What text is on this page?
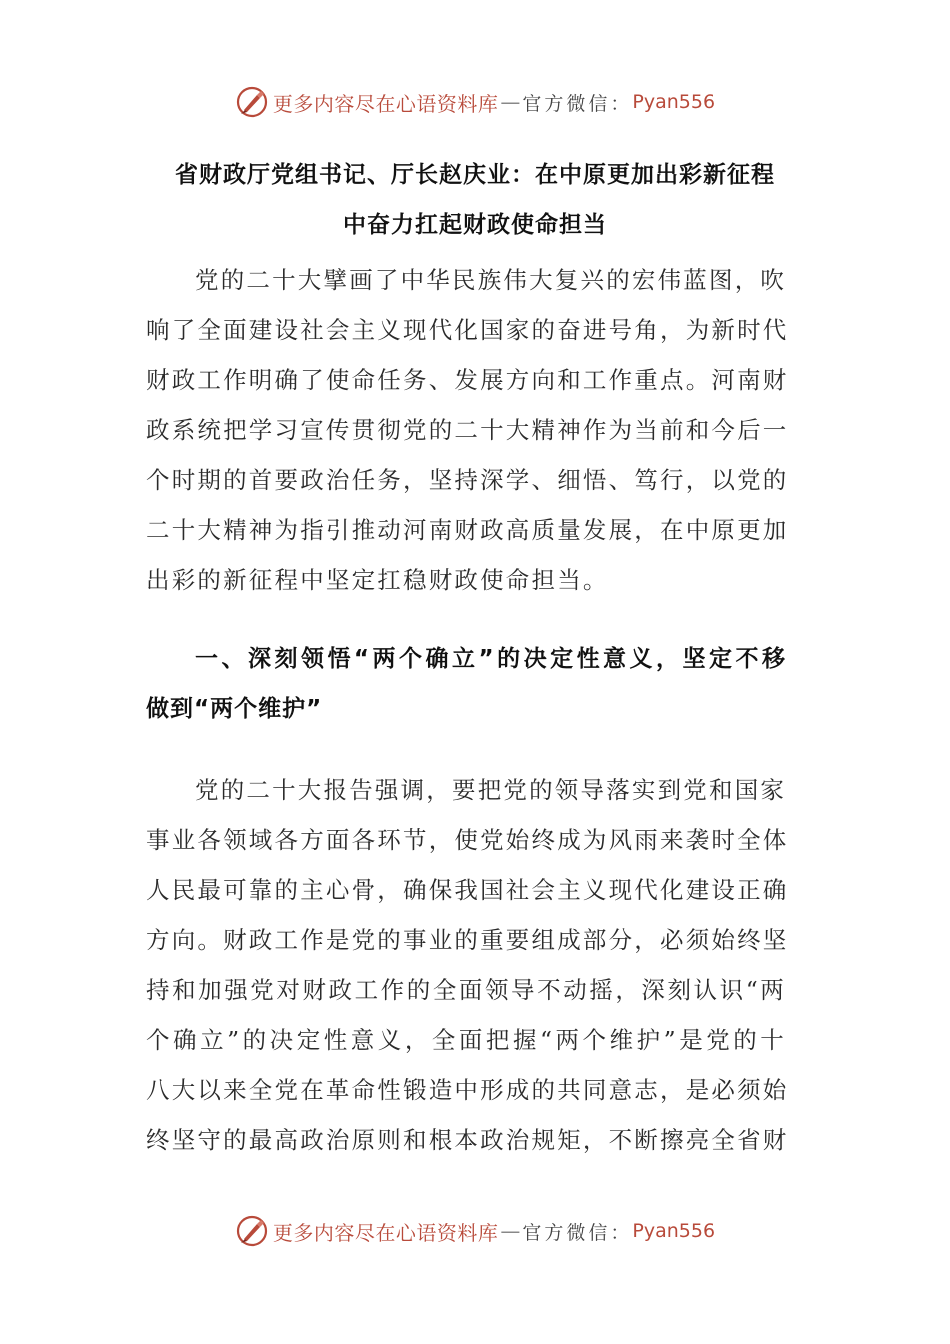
更多内容尽在心语资料库 — 官方微信： Pyan556
省财政厅党组书记、厅长赵庆业：在中原更加出彩新征程
中奋力扛起财政使命担当
党的二十大擘画了中华民族伟大复兴的宏伟蓝图，吹
响了全面建设社会主义现代化国家的奋进号角，为新时代
财政工作明确了使命任务、发展方向和工作重点。河南财
政系统把学习宣传贯彻党的二十大精神作为当前和今后一
个时期的首要政治任务，坚持深学、细悟、笃行，以党的
二十大精神为指引推动河南财政高质量发展，在中原更加
出彩的新征程中坚定扛稳财政使命担当。
一、深刻领悟“两个确立”的决定性意义，坚定不移
做到“两个维护”
党的二十大报告强调，要把党的领导落实到党和国家
事业各领域各方面各环节，使党始终成为风雨来袭时全体
人民最可靠的主心骨，确保我国社会主义现代化建设正确
方向。财政工作是党的事业的重要组成部分，必须始终坚
持和加强党对财政工作的全面领导不动摇，深刻认识“两
个确立”的决定性意义，全面把握“两个维护”是党的十
八大以来全党在革命性锻造中形成的共同意志，是必须始
终坚守的最高政治原则和根本政治规矩，不断擦亮全省财
更多内容尽在心语资料库 — 官方微信： Pyan556
